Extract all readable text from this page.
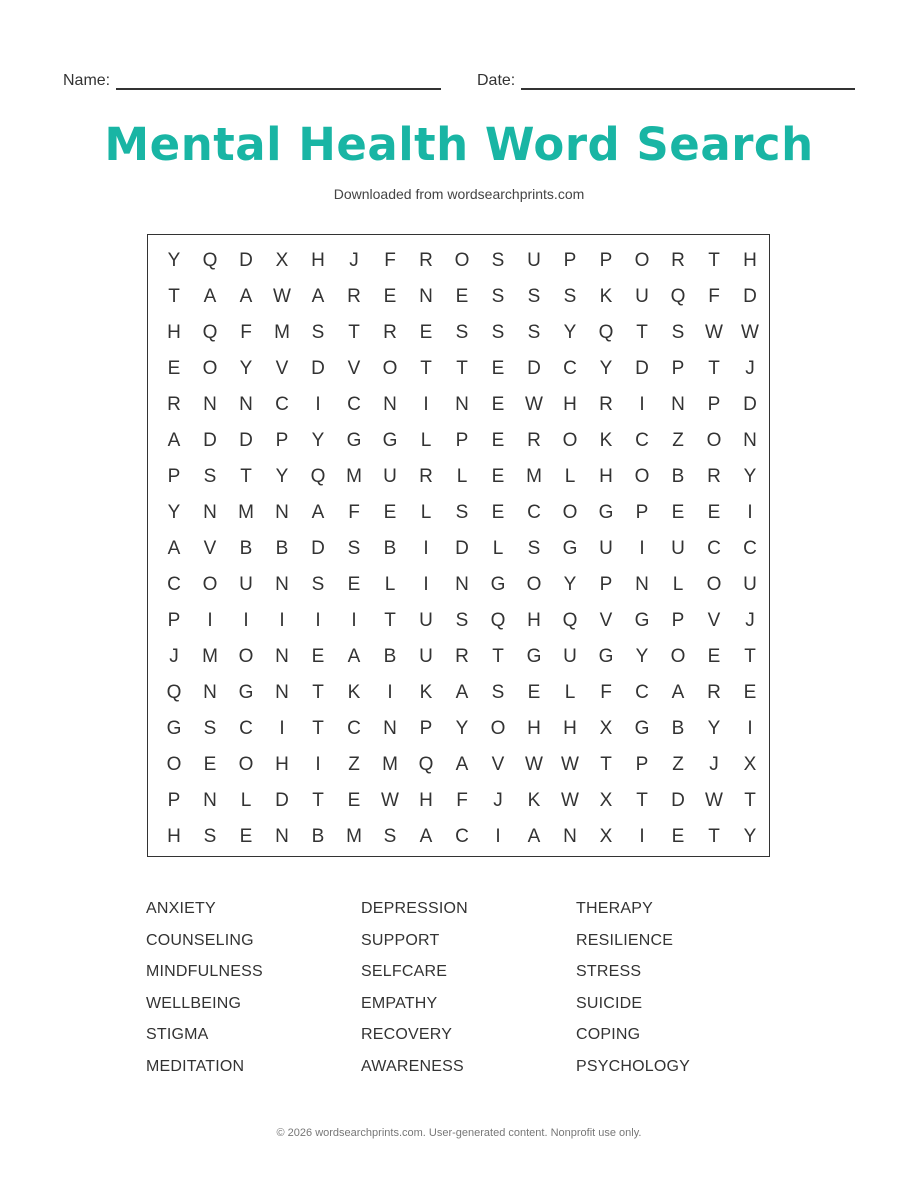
Name:	Date:
Mental Health Word Search
Downloaded from wordsearchprints.com
Y	Q	D	X	H	J	F	R	O	S	U	P	P	O	R	T	H
T	A	A	W	A	R	E	N	E	S	S	S	K	U	Q	F	D
H	Q	F	M	S	T	R	E	S	S	S	Y	Q	T	S	W W
E	O	Y	V	D	V	O	T	T	E	D	C	Y	D	P	T	J
R	N	N	C	I	C	N	I	N	E	W	H	R	I	N	P	D
A	D	D	P	Y	G	G	L	P	E	R	O	K	C	Z	O	N
P	S	T	Y	Q	M	U	R	L	E	M	L	H	O	B	R	Y
Y	N	M	N	A	F	E	L	S	E	C	O	G	P	E	E	I
A	V	B	B	D	S	B	I	D	L	S	G	U	I	U	C	C
C	O	U	N	S	E	L	I	N	G	O	Y	P	N	L	O	U
P	I	I	I	I	I	T	U	S	Q	H	Q	V	G	P	V	J
J	M	O	N	E	A	B	U	R	T	G	U	G	Y	O	E	T
Q	N	G	N	T	K	I	K	A	S	E	L	F	C	A	R	E
G	S	C	I	T	C	N	P	Y	O	H	H	X	G	B	Y	I
O	E	O	H	I	Z	M	Q	A	V	W W	T	P	Z	J	X
P	N	L	D	T	E	W	H	F	J	K	W	X	T	D	W	T
H	S	E	N	B	M	S	A	C	I	A	N	X	I	E	T	Y
ANXIETY	DEPRESSION	THERAPY
COUNSELING	SUPPORT	RESILIENCE
MINDFULNESS	SELFCARE	STRESS
WELLBEING	EMPATHY	SUICIDE
STIGMA	RECOVERY	COPING
MEDITATION	AWARENESS	PSYCHOLOGY
© 2026 wordsearchprints.com. User-generated content. Nonprofit use only.
